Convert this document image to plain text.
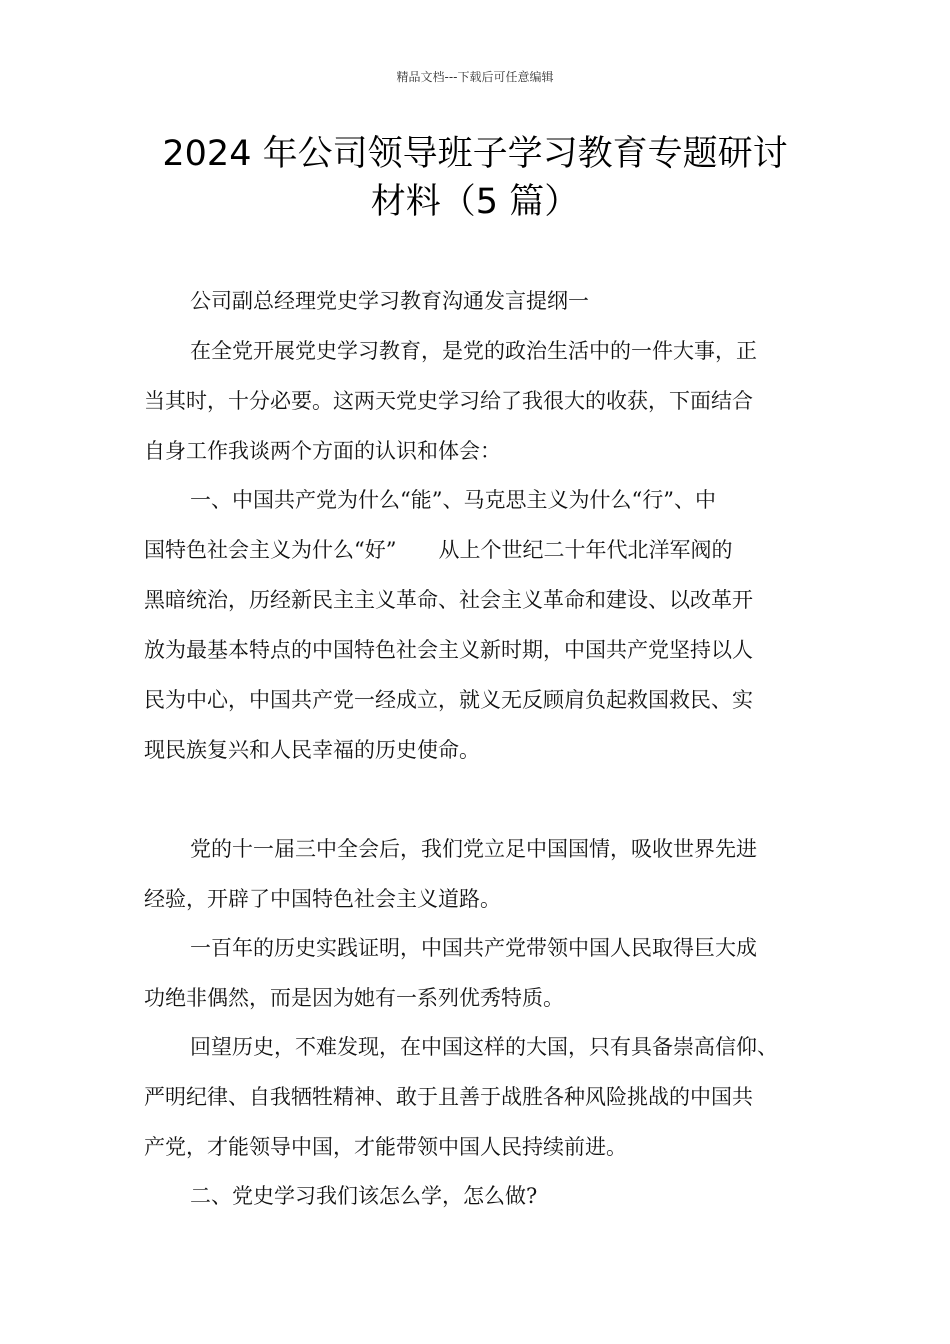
精品文档---下载后可任意编辑
2024 年公司领导班子学习教育专题研讨
材料（5 篇）

公司副总经理党史学习教育沟通发言提纲一

在全党开展党史学习教育，是党的政治生活中的一件大事，正
当其时，十分必要。这两天党史学习给了我很大的收获，下面结合
自身工作我谈两个方面的认识和体会：

一、中国共产党为什么“能”、马克思主义为什么“行”、中
国特色社会主义为什么“好”　　从上个世纪二十年代北洋军阀的
黑暗统治，历经新民主主义革命、社会主义革命和建设、以改革开
放为最基本特点的中国特色社会主义新时期，中国共产党坚持以人
民为中心，中国共产党一经成立，就义无反顾肩负起救国救民、实
现民族复兴和人民幸福的历史使命。

党的十一届三中全会后，我们党立足中国国情，吸收世界先进
经验，开辟了中国特色社会主义道路。

一百年的历史实践证明，中国共产党带领中国人民取得巨大成
功绝非偶然，而是因为她有一系列优秀特质。

回望历史，不难发现，在中国这样的大国，只有具备崇高信仰、
严明纪律、自我牺牲精神、敢于且善于战胜各种风险挑战的中国共
产党，才能领导中国，才能带领中国人民持续前进。

二、党史学习我们该怎么学，怎么做?
